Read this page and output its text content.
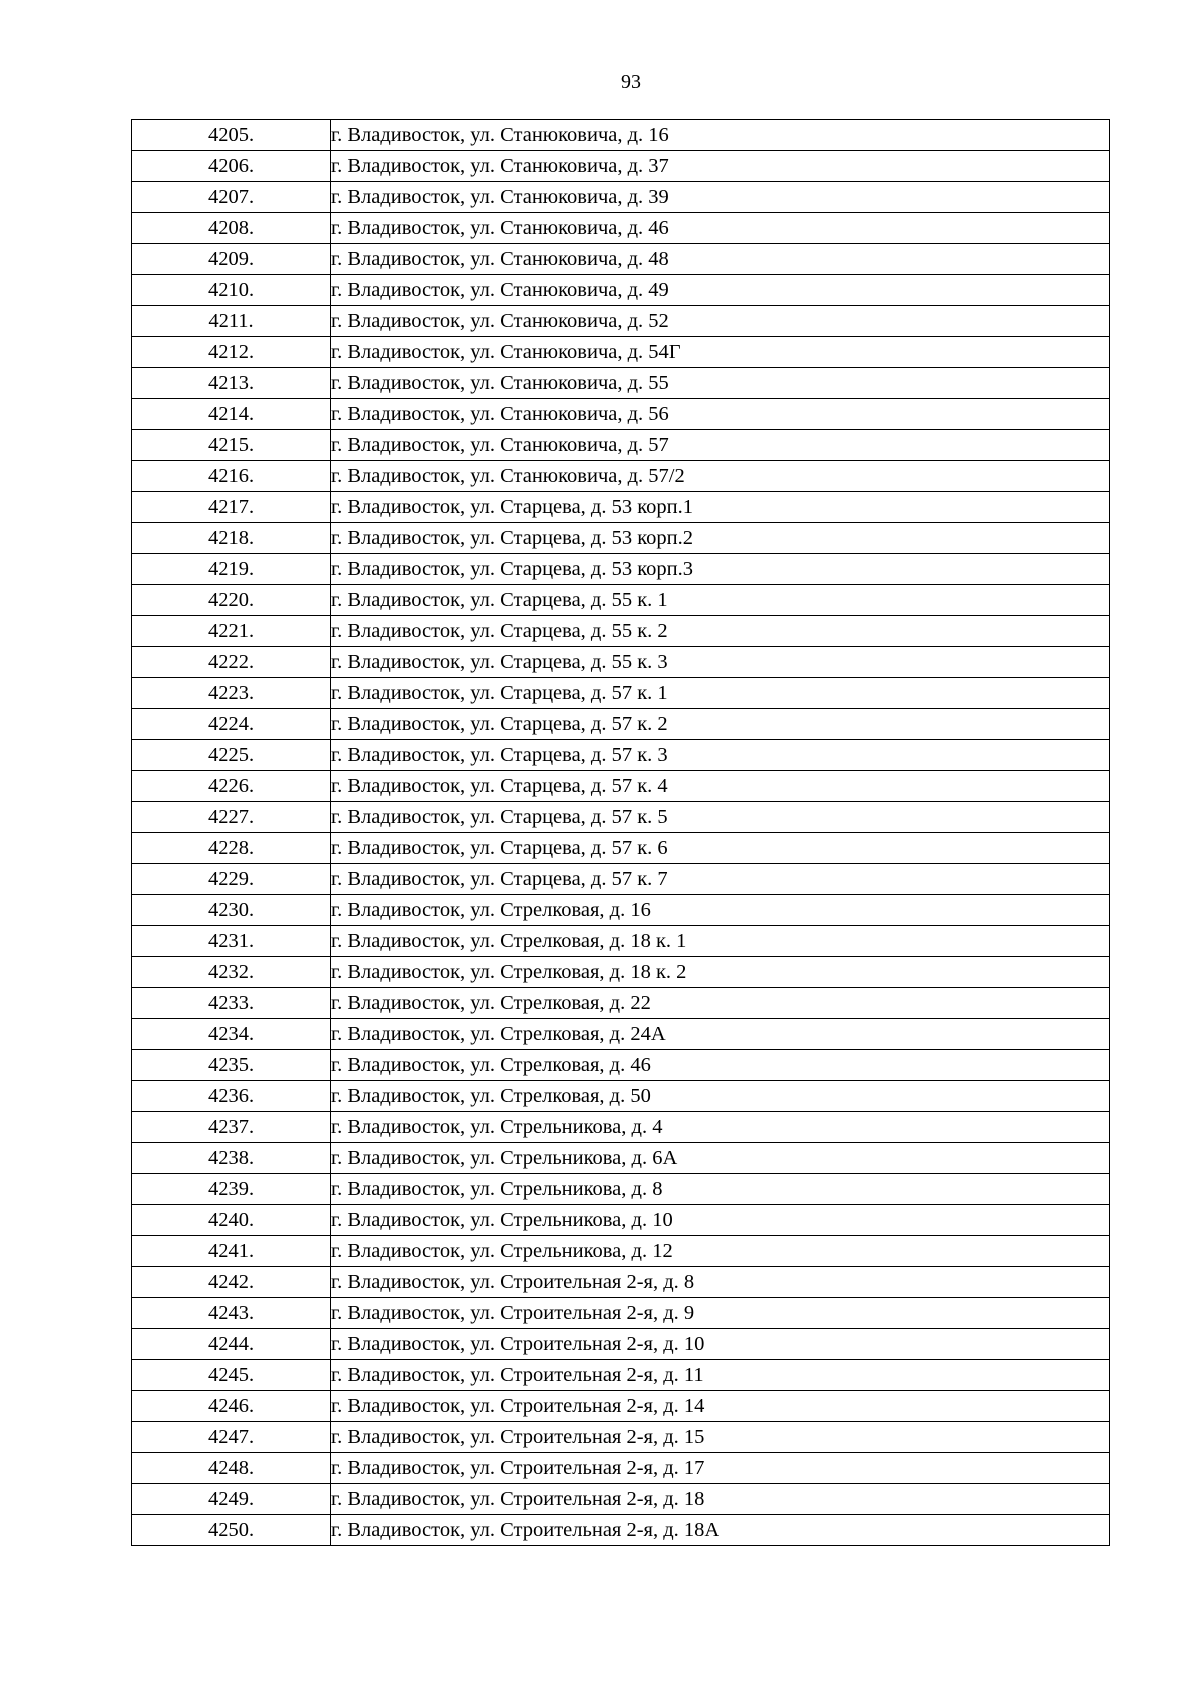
93
4205.	г. Владивосток, ул. Станюковича, д. 16
4206.	г. Владивосток, ул. Станюковича, д. 37
4207.	г. Владивосток, ул. Станюковича, д. 39
4208.	г. Владивосток, ул. Станюковича, д. 46
4209.	г. Владивосток, ул. Станюковича, д. 48
4210.	г. Владивосток, ул. Станюковича, д. 49
4211.	г. Владивосток, ул. Станюковича, д. 52
4212.	г. Владивосток, ул. Станюковича, д. 54Г
4213.	г. Владивосток, ул. Станюковича, д. 55
4214.	г. Владивосток, ул. Станюковича, д. 56
4215.	г. Владивосток, ул. Станюковича, д. 57
4216.	г. Владивосток, ул. Станюковича, д. 57/2
4217.	г. Владивосток, ул. Старцева, д. 53 корп.1
4218.	г. Владивосток, ул. Старцева, д. 53 корп.2
4219.	г. Владивосток, ул. Старцева, д. 53 корп.3
4220.	г. Владивосток, ул. Старцева, д. 55 к. 1
4221.	г. Владивосток, ул. Старцева, д. 55 к. 2
4222.	г. Владивосток, ул. Старцева, д. 55 к. 3
4223.	г. Владивосток, ул. Старцева, д. 57 к. 1
4224.	г. Владивосток, ул. Старцева, д. 57 к. 2
4225.	г. Владивосток, ул. Старцева, д. 57 к. 3
4226.	г. Владивосток, ул. Старцева, д. 57 к. 4
4227.	г. Владивосток, ул. Старцева, д. 57 к. 5
4228.	г. Владивосток, ул. Старцева, д. 57 к. 6
4229.	г. Владивосток, ул. Старцева, д. 57 к. 7
4230.	г. Владивосток, ул. Стрелковая, д. 16
4231.	г. Владивосток, ул. Стрелковая, д. 18 к. 1
4232.	г. Владивосток, ул. Стрелковая, д. 18 к. 2
4233.	г. Владивосток, ул. Стрелковая, д. 22
4234.	г. Владивосток, ул. Стрелковая, д. 24А
4235.	г. Владивосток, ул. Стрелковая, д. 46
4236.	г. Владивосток, ул. Стрелковая, д. 50
4237.	г. Владивосток, ул. Стрельникова, д. 4
4238.	г. Владивосток, ул. Стрельникова, д. 6А
4239.	г. Владивосток, ул. Стрельникова, д. 8
4240.	г. Владивосток, ул. Стрельникова, д. 10
4241.	г. Владивосток, ул. Стрельникова, д. 12
4242.	г. Владивосток, ул. Строительная 2-я, д. 8
4243.	г. Владивосток, ул. Строительная 2-я, д. 9
4244.	г. Владивосток, ул. Строительная 2-я, д. 10
4245.	г. Владивосток, ул. Строительная 2-я, д. 11
4246.	г. Владивосток, ул. Строительная 2-я, д. 14
4247.	г. Владивосток, ул. Строительная 2-я, д. 15
4248.	г. Владивосток, ул. Строительная 2-я, д. 17
4249.	г. Владивосток, ул. Строительная 2-я, д. 18
4250.	г. Владивосток, ул. Строительная 2-я, д. 18А
